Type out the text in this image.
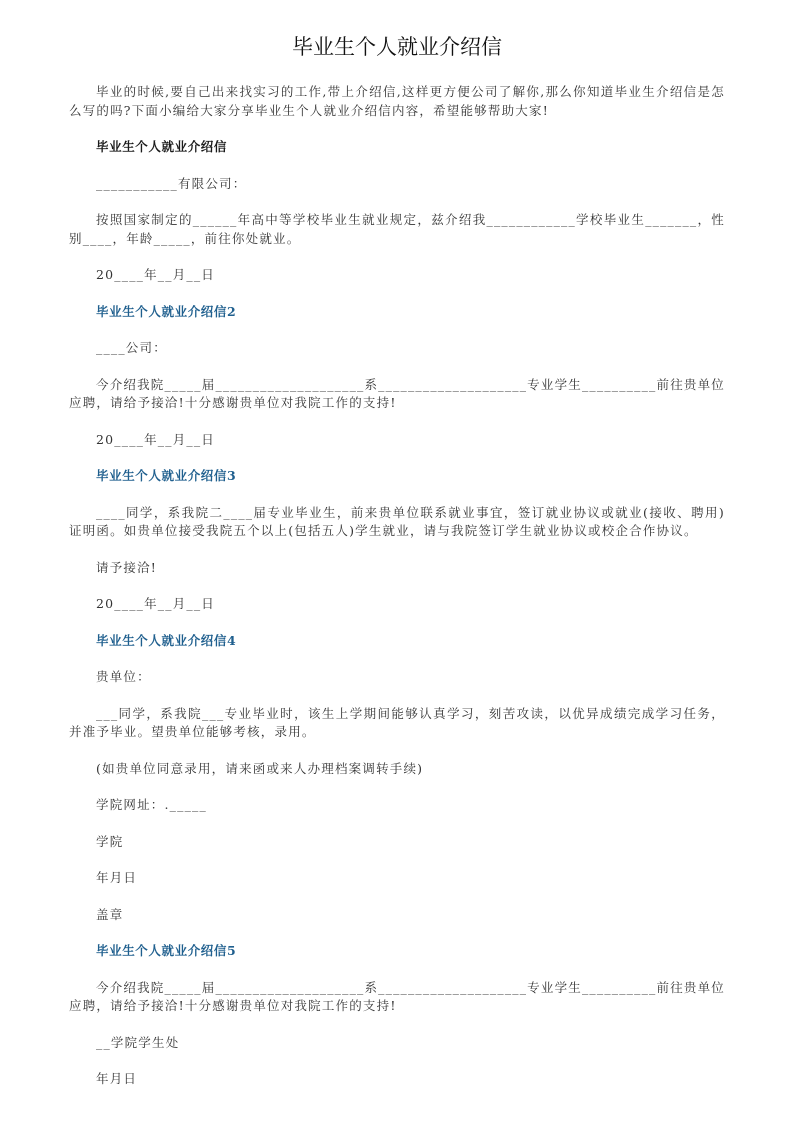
毕业生个人就业介绍信

毕业的时候,要自己出来找实习的工作,带上介绍信,这样更方便公司了解你,那么你知道毕业生介绍信是怎么写的吗?下面小编给大家分享毕业生个人就业介绍信内容，希望能够帮助大家!

毕业生个人就业介绍信

___________有限公司：

按照国家制定的______年高中等学校毕业生就业规定，兹介绍我____________学校毕业生_______，性别____，年龄_____，前往你处就业。

20____年__月__日

毕业生个人就业介绍信2

____公司：

今介绍我院_____届____________________系____________________专业学生__________前往贵单位应聘，请给予接洽!十分感谢贵单位对我院工作的支持!

20____年__月__日

毕业生个人就业介绍信3

____同学，系我院二____届专业毕业生，前来贵单位联系就业事宜，签订就业协议或就业(接收、聘用)证明函。如贵单位接受我院五个以上(包括五人)学生就业，请与我院签订学生就业协议或校企合作协议。

请予接洽!

20____年__月__日

毕业生个人就业介绍信4

贵单位：

___同学，系我院___专业毕业时，该生上学期间能够认真学习，刻苦攻读，以优异成绩完成学习任务，并准予毕业。望贵单位能够考核，录用。

(如贵单位同意录用，请来函或来人办理档案调转手续)

学院网址：._____

学院

年月日

盖章

毕业生个人就业介绍信5

今介绍我院_____届____________________系____________________专业学生__________前往贵单位应聘，请给予接洽!十分感谢贵单位对我院工作的支持!

__学院学生处

年月日
